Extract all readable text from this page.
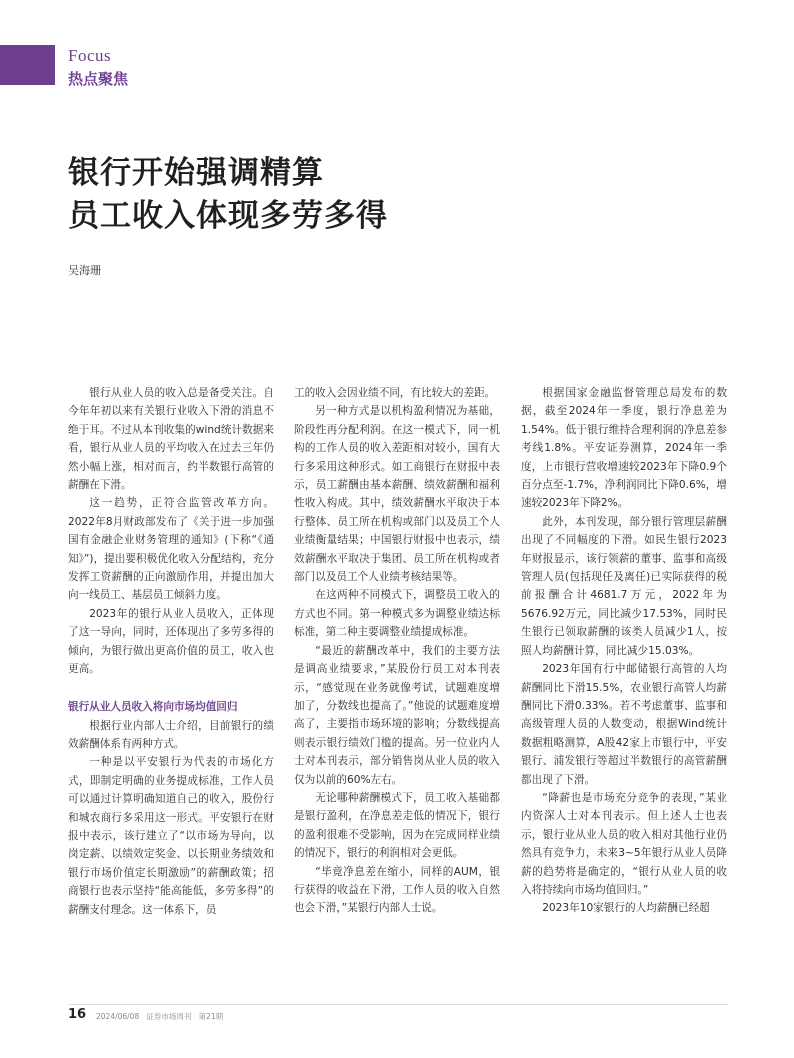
Focus
热点聚焦
银行开始强调精算
员工收入体现多劳多得
吴海珊

银行从业人员的收入总是备受关注。自今年年初以来有关银行业收入下滑的消息不绝于耳。不过从本刊收集的wind统计数据来看，银行从业人员的平均收入在过去三年仍然小幅上涨，相对而言，约半数银行高管的薪酬在下滑。

这一趋势，正符合监管改革方向。2022年8月财政部发布了《关于进一步加强国有金融企业财务管理的通知》(下称“《通知》”)，提出要积极优化收入分配结构，充分发挥工资薪酬的正向激励作用，并提出加大向一线员工、基层员工倾斜力度。

2023年的银行从业人员收入，正体现了这一导向，同时，还体现出了多劳多得的倾向，为银行做出更高价值的员工，收入也更高。

银行从业人员收入将向市场均值回归

根据行业内部人士介绍，目前银行的绩效薪酬体系有两种方式。

一种是以平安银行为代表的市场化方式，即制定明确的业务提成标准，工作人员可以通过计算明确知道自己的收入，股份行和城农商行多采用这一形式。平安银行在财报中表示，该行建立了“以市场为导向，以岗定薪、以绩效定奖金、以长期业务绩效和银行市场价值定长期激励”的薪酬政策；招商银行也表示坚持“能高能低，多劳多得”的薪酬支付理念。这一体系下，员

工的收入会因业绩不同，有比较大的差距。

另一种方式是以机构盈利情况为基础，阶段性再分配利润。在这一模式下，同一机构的工作人员的收入差距相对较小，国有大行多采用这种形式。如工商银行在财报中表示，员工薪酬由基本薪酬、绩效薪酬和福利性收入构成。其中，绩效薪酬水平取决于本行整体、员工所在机构或部门以及员工个人业绩衡量结果；中国银行财报中也表示，绩效薪酬水平取决于集团、员工所在机构或者部门以及员工个人业绩考核结果等。

在这两种不同模式下，调整员工收入的方式也不同。第一种模式多为调整业绩达标标准，第二种主要调整业绩提成标准。

“最近的薪酬改革中，我们的主要方法是调高业绩要求，”某股份行员工对本刊表示，“感觉现在业务就像考试，试题难度增加了，分数线也提高了。”他说的试题难度增高了，主要指市场环境的影响；分数线提高则表示银行绩效门槛的提高。另一位业内人士对本刊表示，部分销售岗从业人员的收入仅为以前的60%左右。

无论哪种薪酬模式下，员工收入基础都是银行盈利，在净息差走低的情况下，银行的盈利很难不受影响，因为在完成同样业绩的情况下，银行的利润相对会更低。

“毕竟净息差在缩小，同样的AUM，银行获得的收益在下滑，工作人员的收入自然也会下滑，”某银行内部人士说。

根据国家金融监督管理总局发布的数据，截至2024年一季度，银行净息差为1.54%。低于银行维持合理利润的净息差参考线1.8%。平安证券测算，2024年一季度，上市银行营收增速较2023年下降0.9个百分点至-1.7%，净利润同比下降0.6%，增速较2023年下降2%。

此外，本刊发现，部分银行管理层薪酬出现了不同幅度的下滑。如民生银行2023年财报显示，该行领薪的董事、监事和高级管理人员(包括现任及离任)已实际获得的税前报酬合计4681.7万元，2022年为5676.92万元，同比减少17.53%，同时民生银行已领取薪酬的该类人员减少1人，按照人均薪酬计算，同比减少15.03%。

2023年国有行中邮储银行高管的人均薪酬同比下滑15.5%，农业银行高管人均薪酬同比下滑0.33%。若不考虑董事、监事和高级管理人员的人数变动，根据Wind统计数据粗略测算，A股42家上市银行中，平安银行、浦发银行等超过半数银行的高管薪酬都出现了下滑。

“降薪也是市场充分竞争的表现，”某业内资深人士对本刊表示。但上述人士也表示，银行业从业人员的收入相对其他行业仍然具有竞争力，未来3~5年银行从业人员降薪的趋势将是确定的，“银行从业人员的收入将持续向市场均值回归。”

2023年10家银行的人均薪酬已经超

16 2024/06/08 证券市场周刊 第21期
